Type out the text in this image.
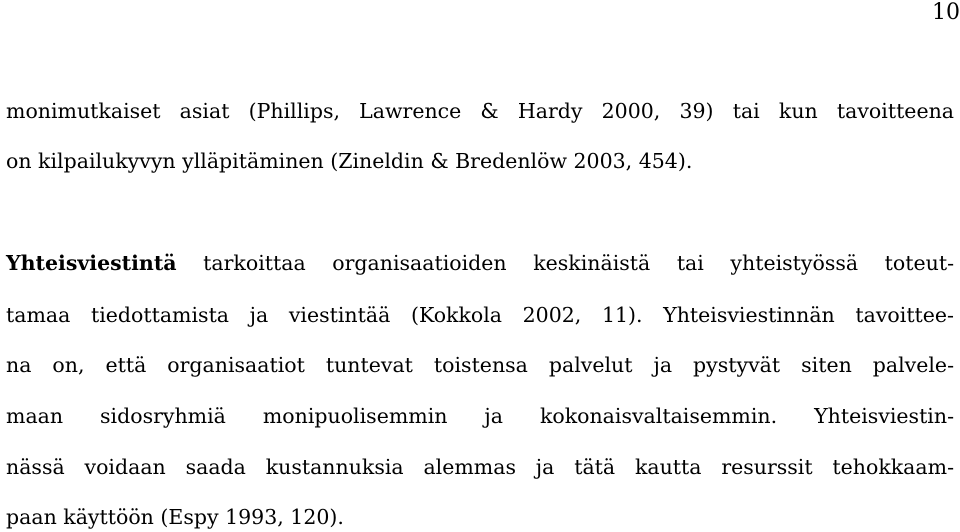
10
monimutkaiset asiat (Phillips, Lawrence & Hardy 2000, 39) tai kun tavoitteena
on kilpailukyvyn ylläpitäminen (Zineldin & Bredenlöw 2003, 454).
Yhteisviestintä tarkoittaa organisaatioiden keskinäistä tai yhteistyössä toteut-
tamaa tiedottamista ja viestintää (Kokkola 2002, 11). Yhteisviestinnän tavoittee-
na on, että organisaatiot tuntevat toistensa palvelut ja pystyvät siten palvele-
maan sidosryhmiä monipuolisemmin ja kokonaisvaltaisemmin. Yhteisviestin-
nässä voidaan saada kustannuksia alemmas ja tätä kautta resurssit tehokkaam-
paan käyttöön (Espy 1993, 120).
